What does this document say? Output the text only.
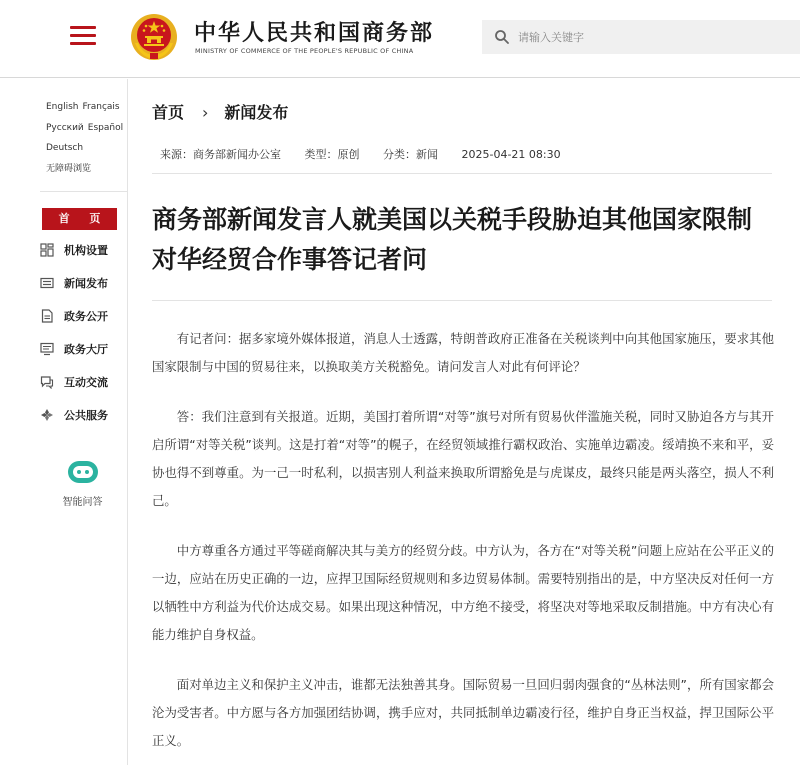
中华人民共和国商务部
MINISTRY OF COMMERCE OF THE PEOPLE'S REPUBLIC OF CHINA
请输入关键字
English Français
Русский Español
Deutsch
无障碍浏览
首 页
机构设置
新闻发布
政务公开
政务大厅
互动交流
公共服务
智能问答
首页 › 新闻发布
来源：商务部新闻办公室 类型：原创 分类：新闻 2025-04-21 08:30
商务部新闻发言人就美国以关税手段胁迫其他国家限制对华经贸合作事答记者问

有记者问：据多家境外媒体报道，消息人士透露，特朗普政府正准备在关税谈判中向其他国家施压，要求其他国家限制与中国的贸易往来，以换取美方关税豁免。请问发言人对此有何评论？

答：我们注意到有关报道。近期，美国打着所谓“对等”旗号对所有贸易伙伴滥施关税，同时又胁迫各方与其开启所谓“对等关税”谈判。这是打着“对等”的幌子，在经贸领域推行霸权政治、实施单边霸凌。绥靖换不来和平，妥协也得不到尊重。为一己一时私利，以损害别人利益来换取所谓豁免是与虎谋皮，最终只能是两头落空，损人不利己。

中方尊重各方通过平等磋商解决其与美方的经贸分歧。中方认为，各方在“对等关税”问题上应站在公平正义的一边，应站在历史正确的一边，应捍卫国际经贸规则和多边贸易体制。需要特别指出的是，中方坚决反对任何一方以牺牲中方利益为代价达成交易。如果出现这种情况，中方绝不接受，将坚决对等地采取反制措施。中方有决心有能力维护自身权益。

面对单边主义和保护主义冲击，谁都无法独善其身。国际贸易一旦回归弱肉强食的“丛林法则”，所有国家都会沦为受害者。中方愿与各方加强团结协调，携手应对，共同抵制单边霸凌行径，维护自身正当权益，捍卫国际公平正义。
